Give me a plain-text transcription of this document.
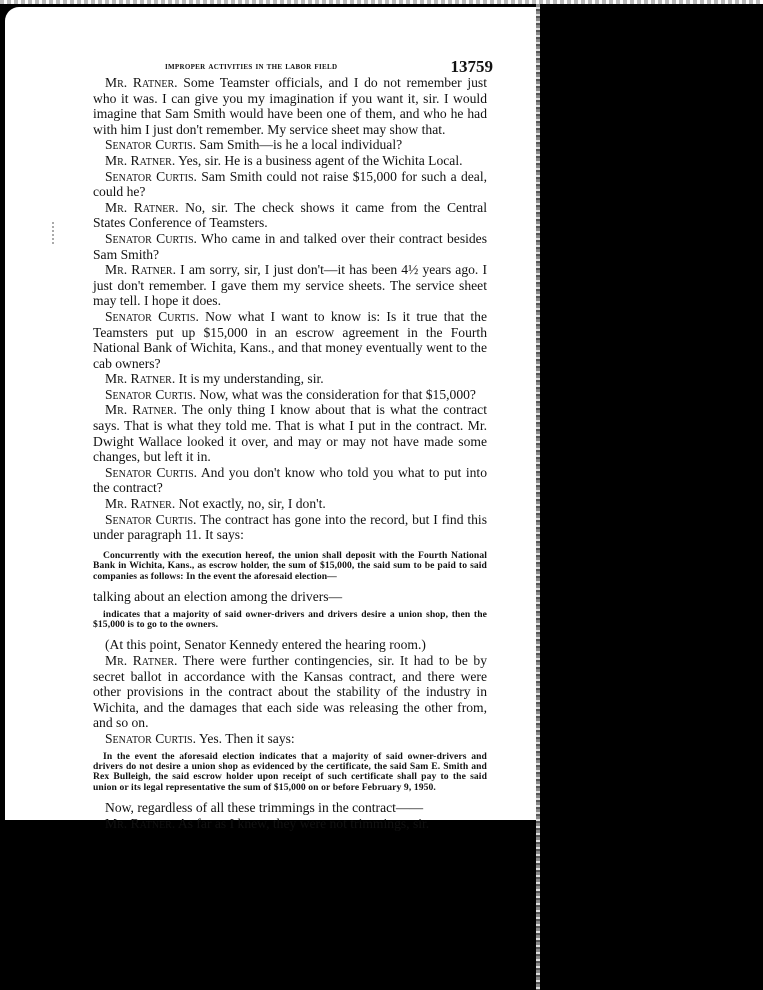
improper activities in the labor field	13759

Mr. Ratner. Some Teamster officials, and I do not remember just who it was. I can give you my imagination if you want it, sir. I would imagine that Sam Smith would have been one of them, and who he had with him I just don't remember. My service sheet may show that.

Senator Curtis. Sam Smith—is he a local individual?

Mr. Ratner. Yes, sir. He is a business agent of the Wichita Local.

Senator Curtis. Sam Smith could not raise $15,000 for such a deal, could he?

Mr. Ratner. No, sir. The check shows it came from the Central States Conference of Teamsters.

Senator Curtis. Who came in and talked over their contract besides Sam Smith?

Mr. Ratner. I am sorry, sir, I just don't—it has been 4½ years ago. I just don't remember. I gave them my service sheets. The service sheet may tell. I hope it does.

Senator Curtis. Now what I want to know is: Is it true that the Teamsters put up $15,000 in an escrow agreement in the Fourth National Bank of Wichita, Kans., and that money eventually went to the cab owners?

Mr. Ratner. It is my understanding, sir.

Senator Curtis. Now, what was the consideration for that $15,000?

Mr. Ratner. The only thing I know about that is what the contract says. That is what they told me. That is what I put in the contract. Mr. Dwight Wallace looked it over, and may or may not have made some changes, but left it in.

Senator Curtis. And you don't know who told you what to put into the contract?

Mr. Ratner. Not exactly, no, sir, I don't.

Senator Curtis. The contract has gone into the record, but I find this under paragraph 11. It says:

Concurrently with the execution hereof, the union shall deposit with the Fourth National Bank in Wichita, Kans., as escrow holder, the sum of $15,000, the said sum to be paid to said companies as follows: In the event the aforesaid election—

talking about an election among the drivers—

indicates that a majority of said owner-drivers and drivers desire a union shop, then the $15,000 is to go to the owners.

(At this point, Senator Kennedy entered the hearing room.)

Mr. Ratner. There were further contingencies, sir. It had to be by secret ballot in accordance with the Kansas contract, and there were other provisions in the contract about the stability of the industry in Wichita, and the damages that each side was releasing the other from, and so on.

Senator Curtis. Yes. Then it says:

In the event the aforesaid election indicates that a majority of said owner-drivers and drivers do not desire a union shop as evidenced by the certificate, the said Sam E. Smith and Rex Bulleigh, the said escrow holder upon receipt of such certificate shall pay to the said union or its legal representative the sum of $15,000 on or before February 9, 1950.

Now, regardless of all these trimmings in the contract——

Mr. Ratner. As far as I knew, they were not trimmings, sir.
